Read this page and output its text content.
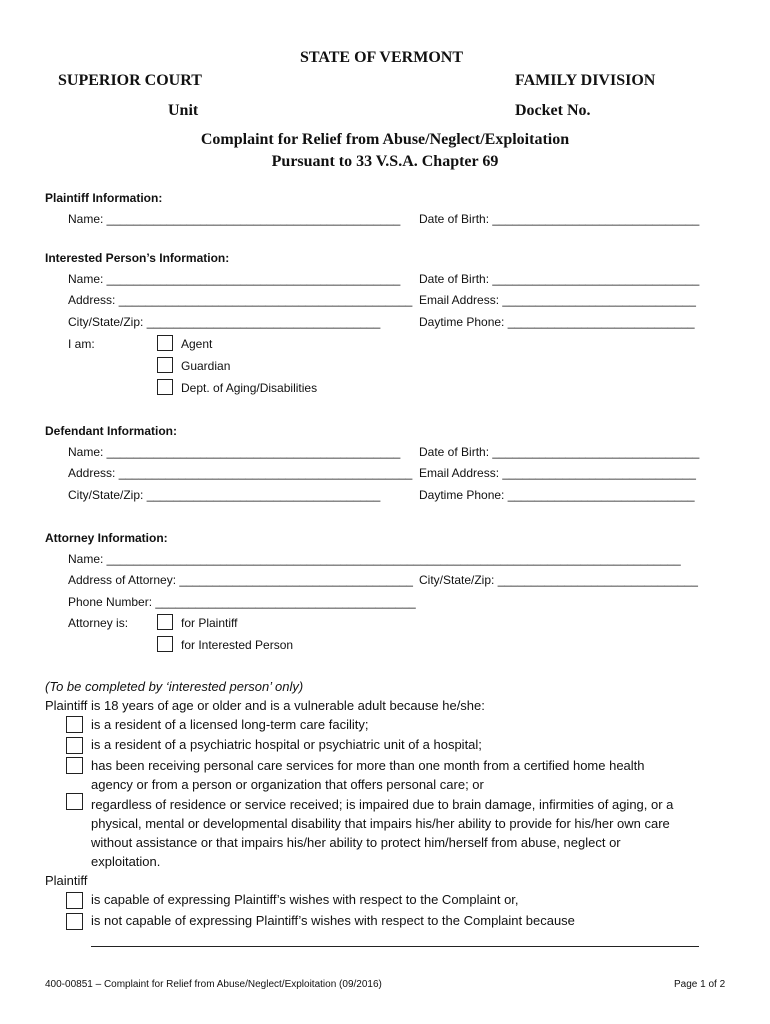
STATE OF VERMONT
SUPERIOR COURT	FAMILY DIVISION
Unit	Docket No.
Complaint for Relief from Abuse/Neglect/Exploitation
Pursuant to 33 V.S.A. Chapter 69
Plaintiff Information:
Name: ____________________________________________ Date of Birth: _______________________________
Interested Person’s Information:
Name: ____________________________________________ Date of Birth: _______________________________
Address: ____________________________________________ Email Address: _____________________________
City/State/Zip: ___________________________________	Daytime Phone: ____________________________
I am:	Agent
Guardian
Dept. of Aging/Disabilities
Defendant Information:
Name: ____________________________________________ Date of Birth: _______________________________
Address: ____________________________________________ Email Address: _____________________________
City/State/Zip: ___________________________________	Daytime Phone: ____________________________
Attorney Information:
Name: ______________________________________________________________________________________
Address of Attorney: ___________________________________ City/State/Zip: ______________________________
Phone Number: _______________________________________
Attorney is:	for Plaintiff
for Interested Person
(To be completed by ‘interested person’ only)
Plaintiff is 18 years of age or older and is a vulnerable adult because he/she:
is a resident of a licensed long-term care facility;
is a resident of a psychiatric hospital or psychiatric unit of a hospital;
has been receiving personal care services for more than one month from a certified home health
agency or from a person or organization that offers personal care; or
regardless of residence or service received; is impaired due to brain damage, infirmities of aging, or a
physical, mental or developmental disability that impairs his/her ability to provide for his/her own care
without assistance or that impairs his/her ability to protect him/herself from abuse, neglect or
exploitation.
Plaintiff
is capable of expressing Plaintiff’s wishes with respect to the Complaint or,
is not capable of expressing Plaintiff’s wishes with respect to the Complaint because
400-00851 – Complaint for Relief from Abuse/Neglect/Exploitation (09/2016)	Page 1 of 2
